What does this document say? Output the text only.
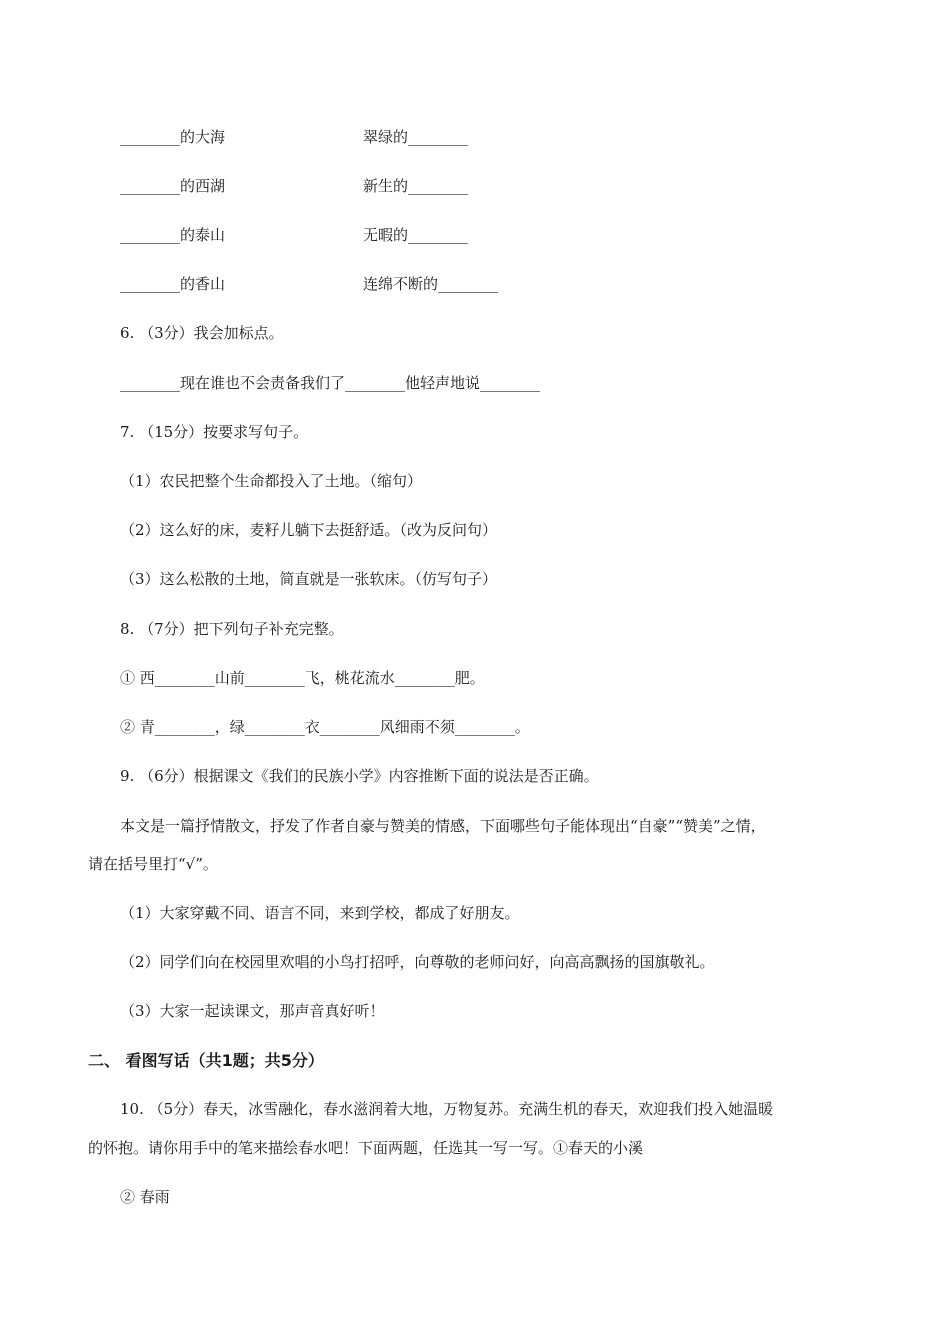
________的大海	翠绿的________
________的西湖	新生的________
________的泰山	无暇的________
________的香山	连绵不断的________
6. （3分）我会加标点。
________现在谁也不会责备我们了________他轻声地说________
7. （15分）按要求写句子。
（1）农民把整个生命都投入了土地。（缩句）
（2）这么好的床，麦籽儿躺下去挺舒适。（改为反问句）
（3）这么松散的土地，简直就是一张软床。（仿写句子）
8. （7分）把下列句子补充完整。
① 西________山前________飞，桃花流水________肥。
② 青________，绿________衣________风细雨不须________。
9. （6分）根据课文《我们的民族小学》内容推断下面的说法是否正确。
本文是一篇抒情散文，抒发了作者自豪与赞美的情感，下面哪些句子能体现出“自豪”“赞美”之情，
请在括号里打“√”。
（1）大家穿戴不同、语言不同，来到学校，都成了好朋友。
（2）同学们向在校园里欢唱的小鸟打招呼，向尊敬的老师问好，向高高飘扬的国旗敬礼。
（3）大家一起读课文，那声音真好听！
二、 看图写话（共1题；共5分）
10. （5分）春天，冰雪融化，春水滋润着大地，万物复苏。充满生机的春天，欢迎我们投入她温暖
的怀抱。请你用手中的笔来描绘春水吧！下面两题，任选其一写一写。①春天的小溪
② 春雨
